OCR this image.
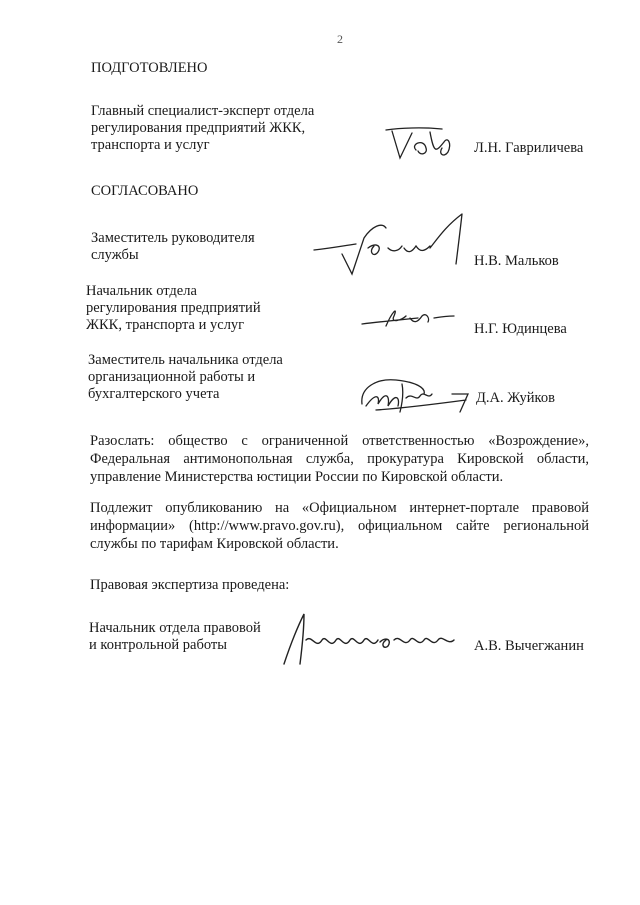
2
ПОДГОТОВЛЕНО
Главный специалист-эксперт отдела
регулирования предприятий ЖКК,
транспорта и услуг	Л.Н. Гавриличева
СОГЛАСОВАНО
Заместитель руководителя
службы	Н.В. Мальков
Начальник отдела
регулирования предприятий
ЖКК, транспорта и услуг	Н.Г. Юдинцева
Заместитель начальника отдела
организационной работы и
бухгалтерского учета	Д.А. Жуйков
Разослать: общество с ограниченной ответственностью «Возрождение», Федеральная антимонопольная служба, прокуратура Кировской области, управление Министерства юстиции России по Кировской области.
Подлежит опубликованию на «Официальном интернет-портале правовой информации» (http://www.pravo.gov.ru), официальном сайте региональной службы по тарифам Кировской области.
Правовая экспертиза проведена:
Начальник отдела правовой
и контрольной работы	А.В. Вычегжанин
